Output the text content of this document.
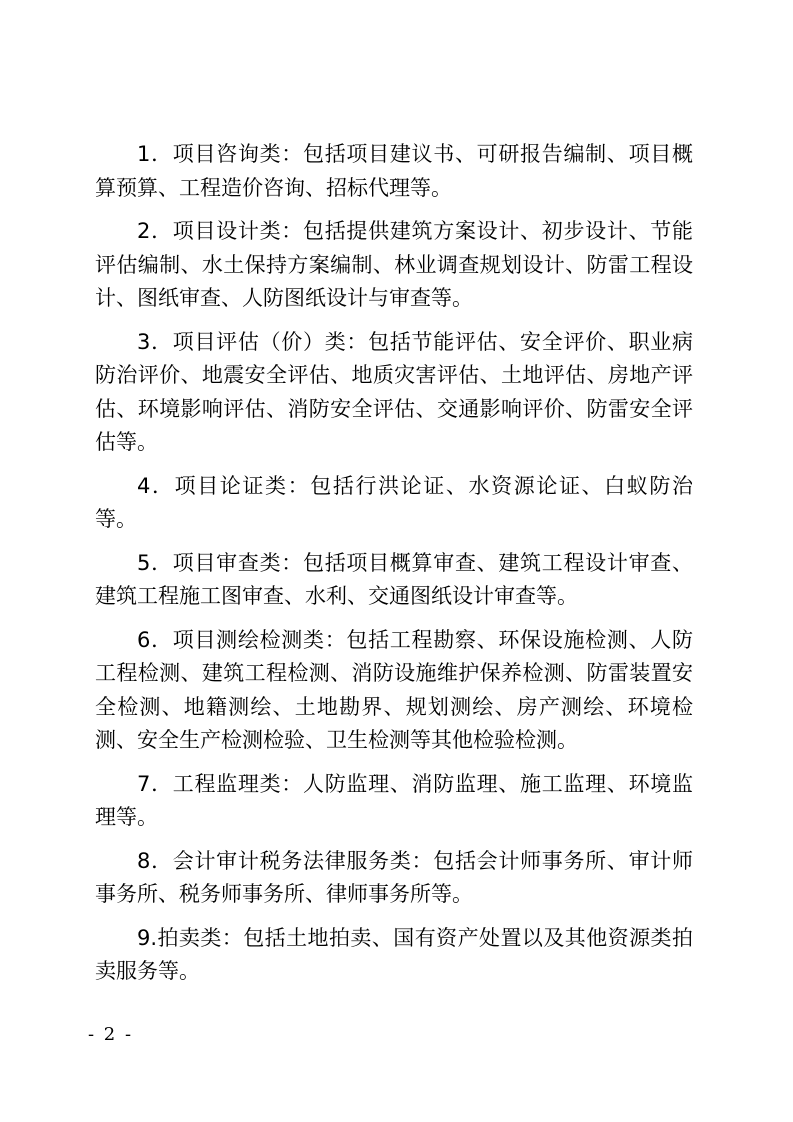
1．项目咨询类：包括项目建议书、可研报告编制、项目概算预算、工程造价咨询、招标代理等。

2．项目设计类：包括提供建筑方案设计、初步设计、节能评估编制、水土保持方案编制、林业调查规划设计、防雷工程设计、图纸审查、人防图纸设计与审查等。

3．项目评估（价）类：包括节能评估、安全评价、职业病防治评价、地震安全评估、地质灾害评估、土地评估、房地产评估、环境影响评估、消防安全评估、交通影响评价、防雷安全评估等。

4．项目论证类：包括行洪论证、水资源论证、白蚁防治等。

5．项目审查类：包括项目概算审查、建筑工程设计审查、建筑工程施工图审查、水利、交通图纸设计审查等。

6．项目测绘检测类：包括工程勘察、环保设施检测、人防工程检测、建筑工程检测、消防设施维护保养检测、防雷装置安全检测、地籍测绘、土地勘界、规划测绘、房产测绘、环境检测、安全生产检测检验、卫生检测等其他检验检测。

7．工程监理类：人防监理、消防监理、施工监理、环境监理等。

8．会计审计税务法律服务类：包括会计师事务所、审计师事务所、税务师事务所、律师事务所等。

9.拍卖类：包括土地拍卖、国有资产处置以及其他资源类拍卖服务等。

- 2 -
